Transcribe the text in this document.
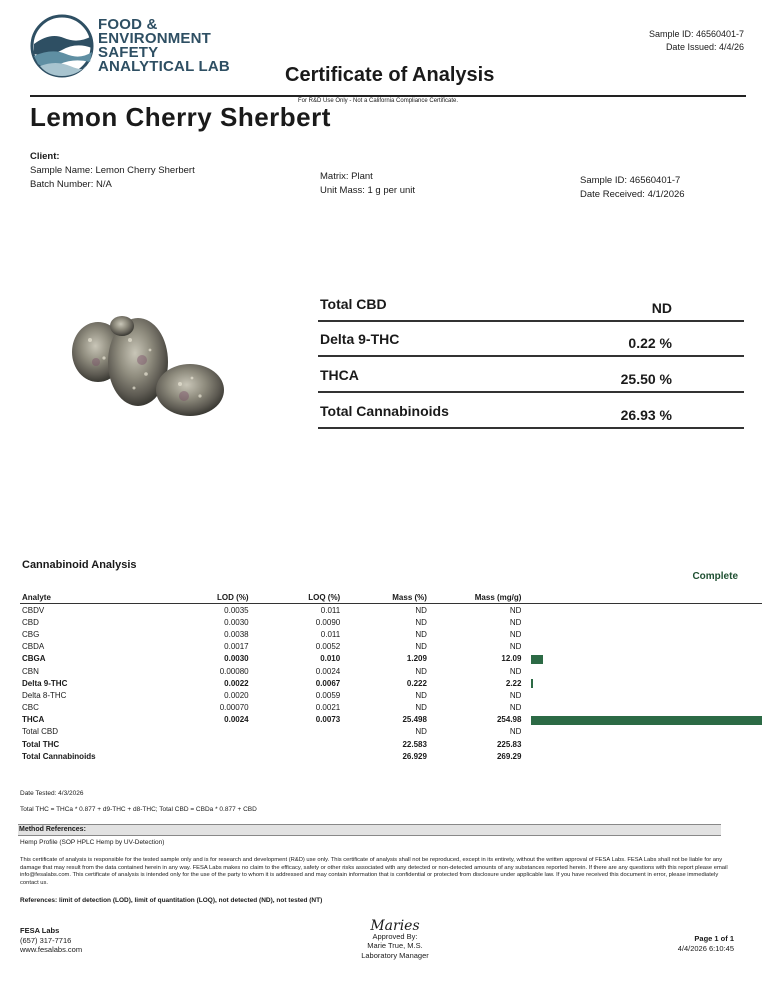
FOOD &
ENVIRONMENT
SAFETY
ANALYTICAL LAB
Sample ID: 46560401-7
Date Issued: 4/4/26
Certificate of Analysis
For R&D Use Only - Not a California Compliance Certificate.
Lemon Cherry Sherbert
Client:
Sample Name: Lemon Cherry Sherbert
Batch Number: N/A
Matrix: Plant
Unit Mass: 1 g per unit
Sample ID: 46560401-7
Date Received: 4/1/2026
Total CBD	ND
Delta 9-THC	0.22 %
THCA	25.50 %
Total Cannabinoids	26.93 %
Cannabinoid Analysis
Complete
Analyte	LOD (%)	LOQ (%)	Mass (%)	Mass (mg/g)	
CBDV	0.0035	0.011	ND	ND	
CBD	0.0030	0.0090	ND	ND	
CBG	0.0038	0.011	ND	ND	
CBDA	0.0017	0.0052	ND	ND	
CBGA	0.0030	0.010	1.209	12.09	

CBN	0.00080	0.0024	ND	ND	
Delta 9-THC	0.0022	0.0067	0.222	2.22	

Delta 8-THC	0.0020	0.0059	ND	ND	
CBC	0.00070	0.0021	ND	ND	
THCA	0.0024	0.0073	25.498	254.98	

Total CBD			ND	ND	
Total THC			22.583	225.83	
Total Cannabinoids			26.929	269.29	
Date Tested: 4/3/2026
Total THC = THCa * 0.877 + d9-THC + d8-THC; Total CBD = CBDa * 0.877 + CBD
Method References:
Hemp Profile (SOP HPLC Hemp by UV-Detection)
This certificate of analysis is responsible for the tested sample only and is for research and development (R&D) use only. This certificate of analysis shall not be reproduced, except in its entirety, without the written approval of FESA Labs. FESA Labs shall not be liable for any damage that may result from the data contained herein in any way. FESA Labs makes no claim to the efficacy, safety or other risks associated with any detected or non-detected amounts of any substances reported herein. If there are any questions with this report please email info@fesalabs.com. This certificate of analysis is intended only for the use of the party to whom it is addressed and may contain information that is confidential or protected from disclosure under applicable law. If you have received this document in error, please immediately contact us.
References: limit of detection (LOD), limit of quantitation (LOQ), not detected (ND), not tested (NT)
FESA Labs
(657) 317-7716
www.fesalabs.com
Maries
Approved By:
Marie True, M.S.
Laboratory Manager
Page 1 of 1
4/4/2026 6:10:45
